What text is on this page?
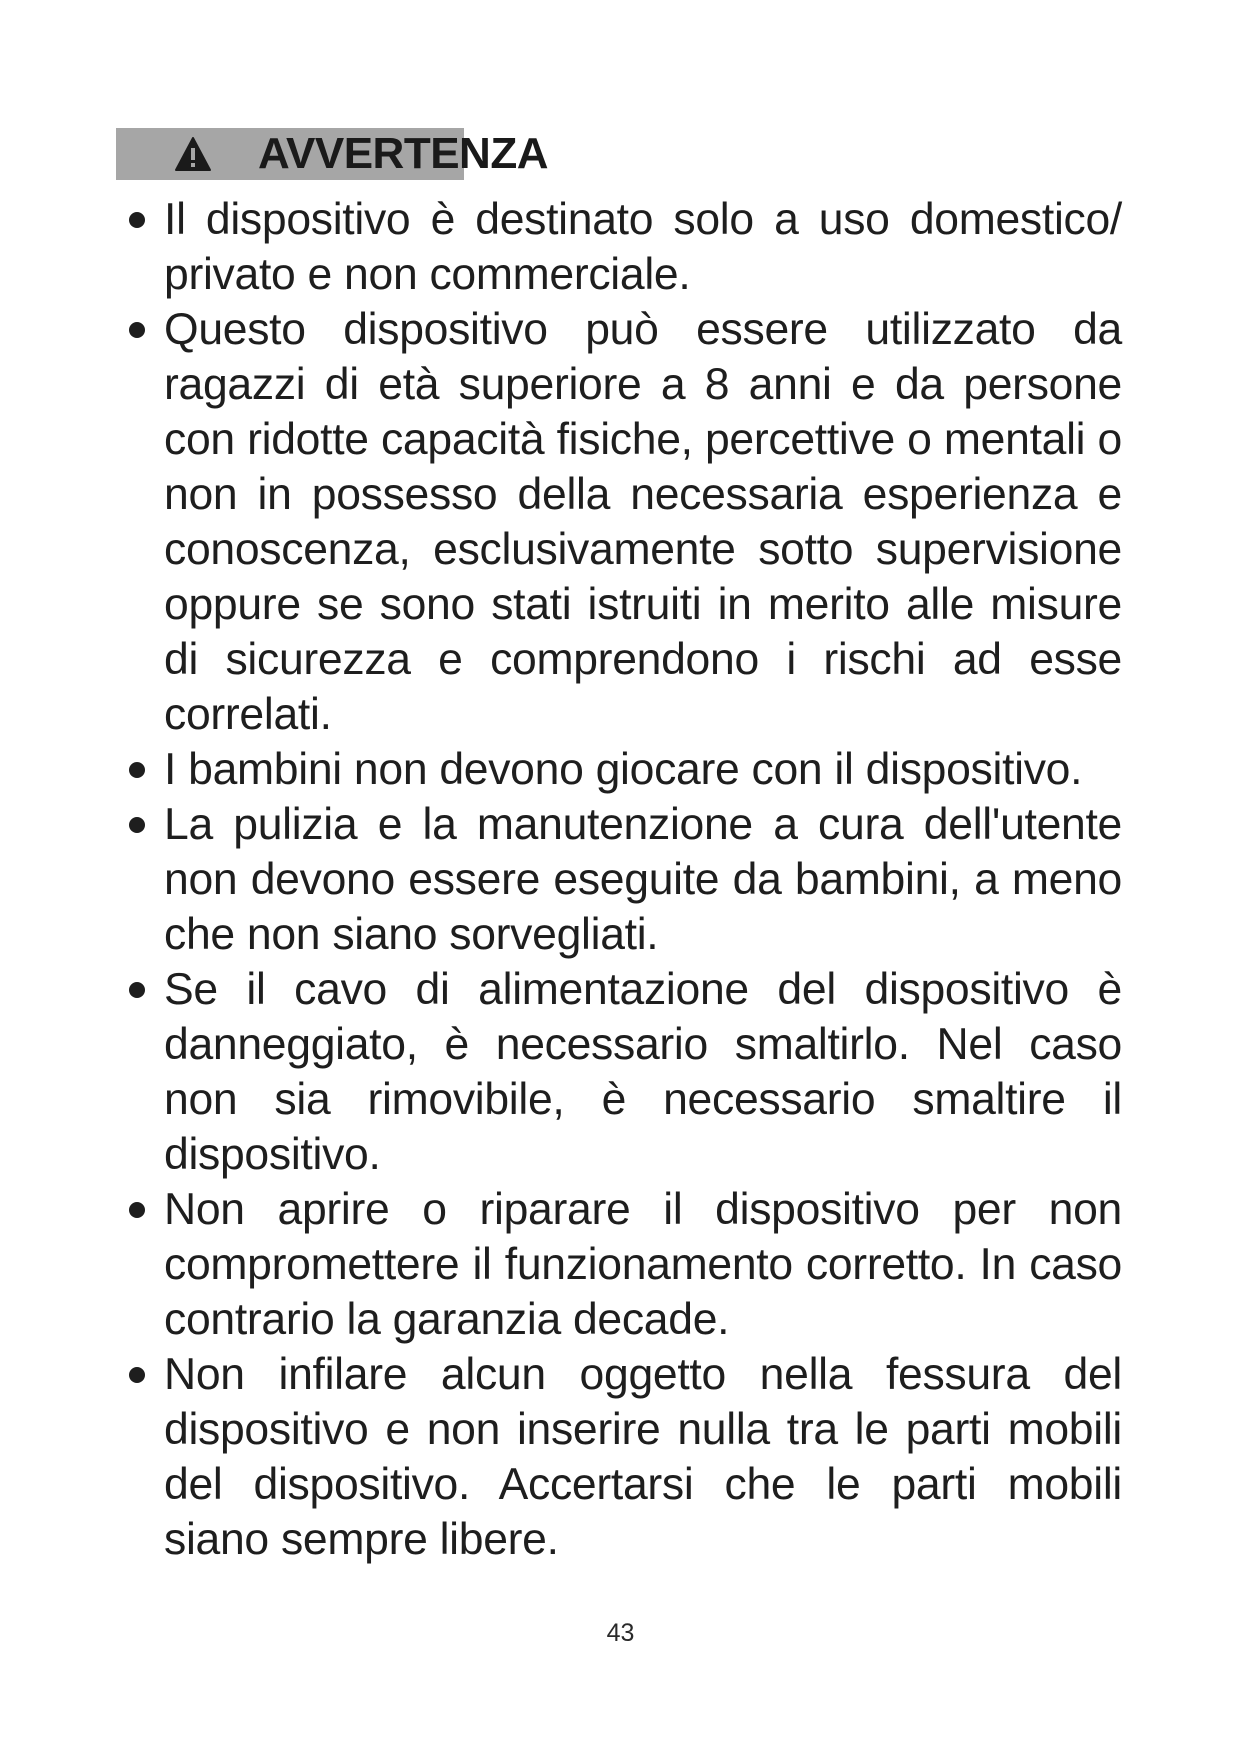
AVVERTENZA
Il dispositivo è destinato solo a uso domestico/ privato e non commerciale.
Questo dispositivo può essere utilizzato da ragazzi di età superiore a 8 anni e da persone con ridotte capacità fisiche, percettive o mentali o non in possesso della necessaria esperienza e conoscenza, esclusivamente sotto supervisione oppure se sono stati istruiti in merito alle misure di sicurezza e comprendono i rischi ad esse correlati.
I bambini non devono giocare con il dispositivo.
La pulizia e la manutenzione a cura dell'utente non devono essere eseguite da bambini, a meno che non siano sorvegliati.
Se il cavo di alimentazione del dispositivo è danneggiato, è necessario smaltirlo. Nel caso non sia rimovibile, è necessario smaltire il dispositivo.
Non aprire o riparare il dispositivo per non compromettere il funzionamento corretto. In caso contrario la garanzia decade.
Non infilare alcun oggetto nella fessura del dispositivo e non inserire nulla tra le parti mobili del dispositivo. Accertarsi che le parti mobili siano sempre libere.
43
